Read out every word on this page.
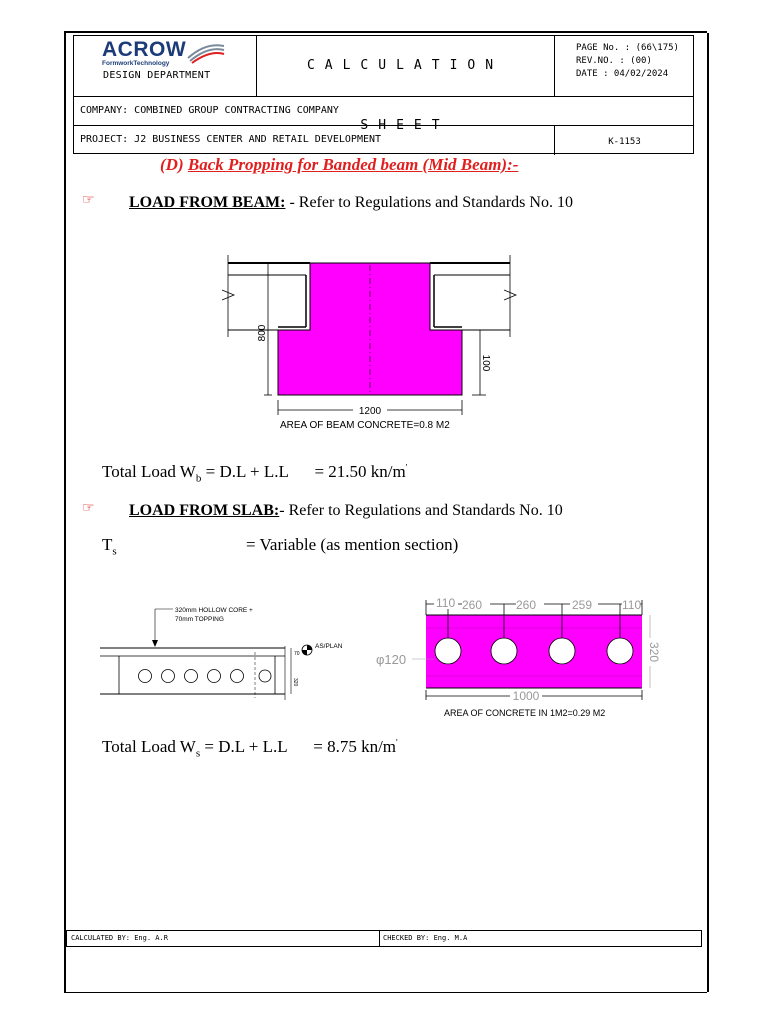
ACROW
FormworkTechnology
DESIGN DEPARTMENT
CALCULATION SHEET
PAGE No. : (66\175)
REV.NO. : (00)
DATE : 04/02/2024
COMPANY: COMBINED GROUP CONTRACTING COMPANY
PROJECT: J2 BUSINESS CENTER AND RETAIL DEVELOPMENT	K-1153
(D) Back Propping for Banded beam (Mid Beam):-
☞ LOAD FROM BEAM: - Refer to Regulations and Standards No. 10
800
100
1200
AREA OF BEAM CONCRETE=0.8 M2
Total Load $W_b = D.L + L.L = 21.50$ kn/m'
☞ LOAD FROM SLAB:- Refer to Regulations and Standards No. 10
$T_s$	= Variable (as mention section)
320mm HOLLOW CORE +
70mm TOPPING
70
320
AS/PLAN
110 260	260	259 110
φ120	320
1000
AREA OF CONCRETE IN 1M2=0.29 M2
Total Load $W_s = D.L + L.L = 8.75$ kn/m'
CALCULATED BY: Eng. A.R	CHECKED BY: Eng. M.A
